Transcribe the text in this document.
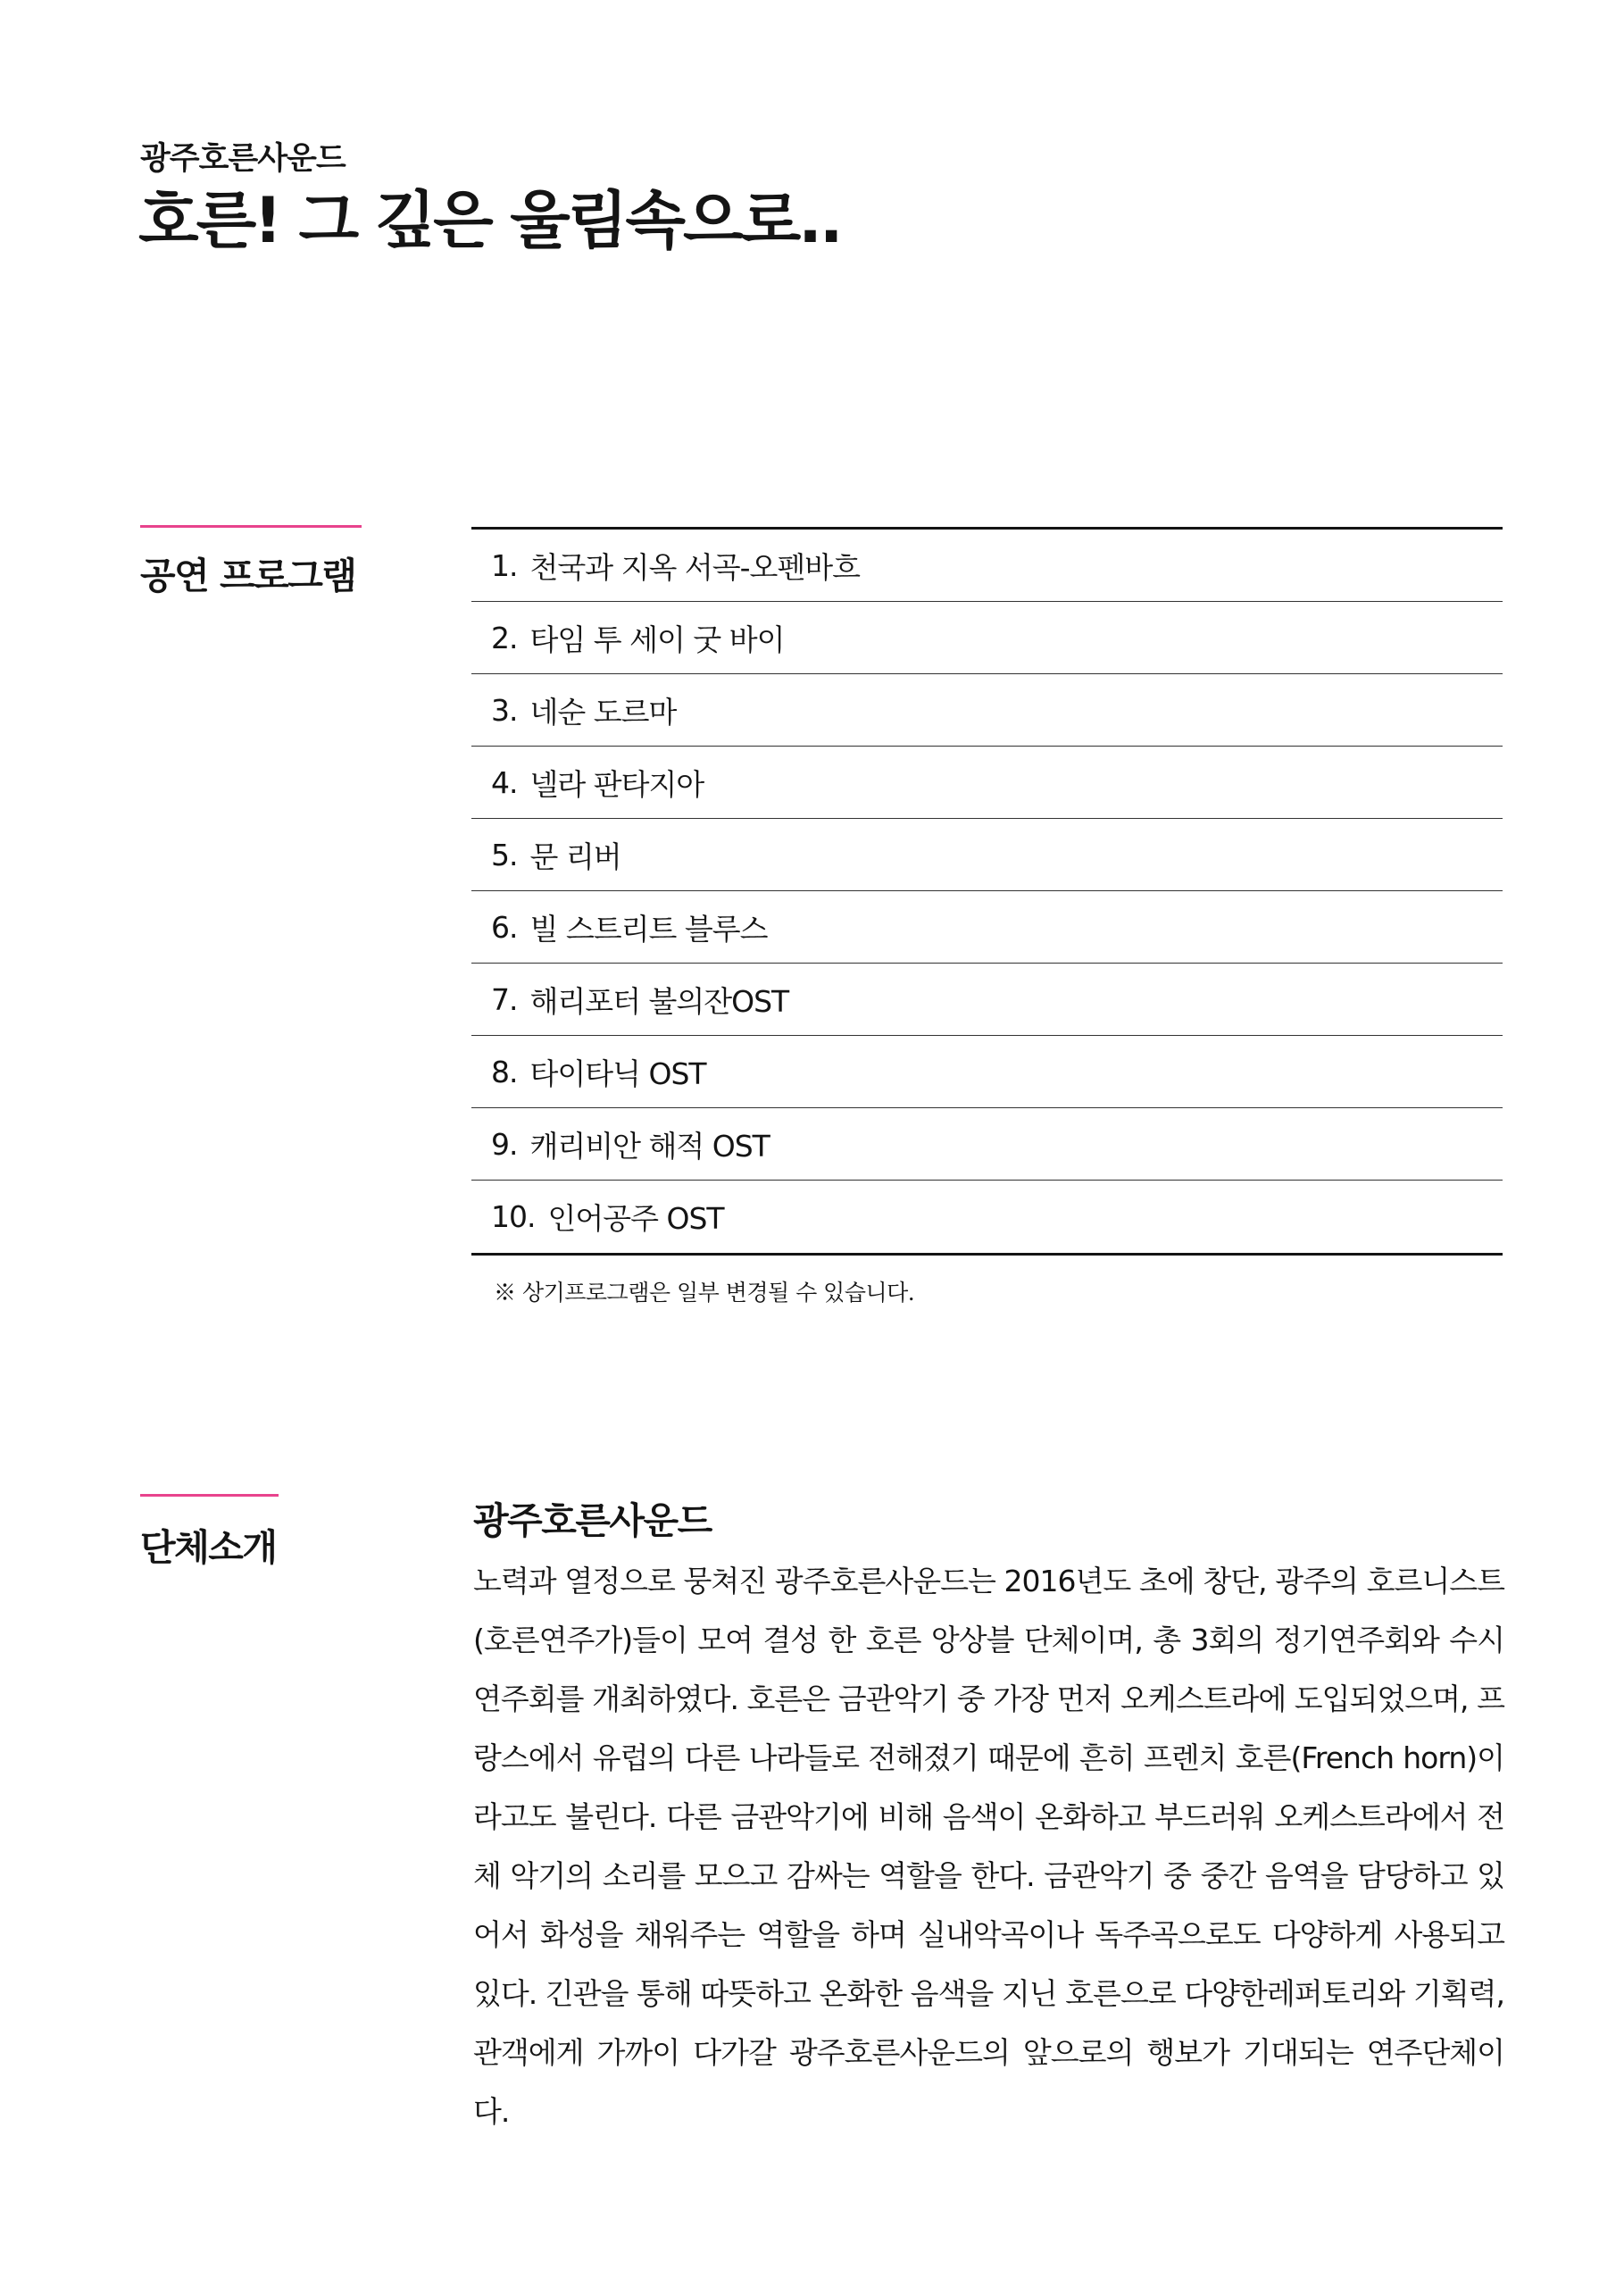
광주호른사운드
호른! 그 깊은 울림속으로..
공연 프로그램	1. 천국과 지옥 서곡-오펜바흐
2. 타임 투 세이 굿 바이
3. 네순 도르마
4. 넬라 판타지아
5. 문 리버
6. 빌 스트리트 블루스
7. 해리포터 불의잔OST
8. 타이타닉 OST
9. 캐리비안 해적 OST
10. 인어공주 OST
※ 상기프로그램은 일부 변경될 수 있습니다.
단체소개
광주호른사운드

노력과 열정으로 뭉쳐진 광주호른사운드는 2016년도 초에 창단, 광주의 호르니스트(호른연주가)들이 모여 결성 한 호른 앙상블 단체이며, 총 3회의 정기연주회와 수시연주회를 개최하였다. 호른은 금관악기 중 가장 먼저 오케스트라에 도입되었으며, 프랑스에서 유럽의 다른 나라들로 전해졌기 때문에 흔히 프렌치 호른(French horn)이라고도 불린다. 다른 금관악기에 비해 음색이 온화하고 부드러워 오케스트라에서 전체 악기의 소리를 모으고 감싸는 역할을 한다. 금관악기 중 중간 음역을 담당하고 있어서 화성을 채워주는 역할을 하며 실내악곡이나 독주곡으로도 다양하게 사용되고 있다. 긴관을 통해 따뜻하고 온화한 음색을 지닌 호른으로 다양한레퍼토리와 기획력, 관객에게 가까이 다가갈 광주호른사운드의 앞으로의 행보가 기대되는 연주단체이다.
